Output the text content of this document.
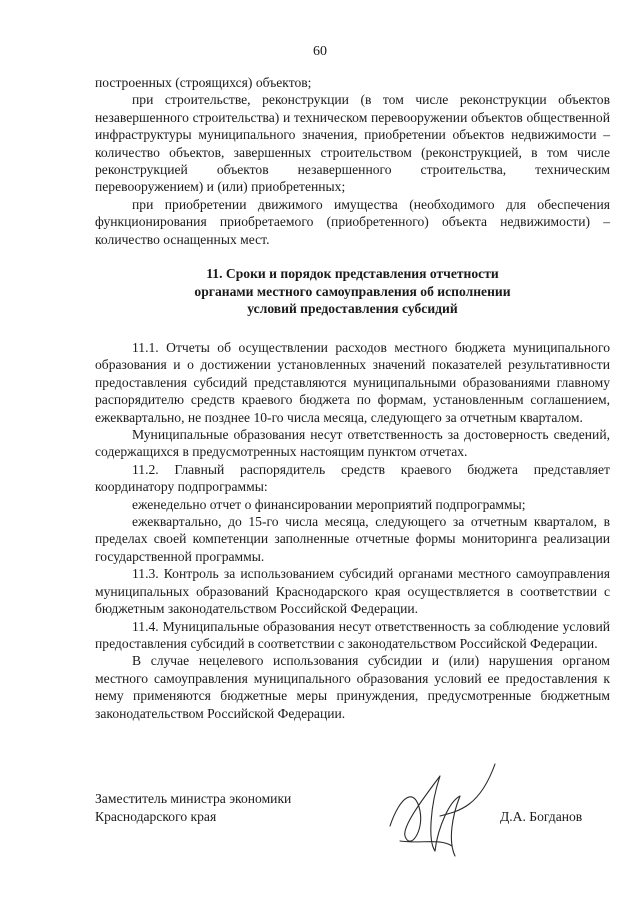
60

построенных (строящихся) объектов;

при строительстве, реконструкции (в том числе реконструкции объектов незавершенного строительства) и техническом перевооружении объектов общественной инфраструктуры муниципального значения, приобретении объектов недвижимости – количество объектов, завершенных строительством (реконструкцией, в том числе реконструкцией объектов незавершенного строительства, техническим перевооружением) и (или) приобретенных;

при приобретении движимого имущества (необходимого для обеспечения функционирования приобретаемого (приобретенного) объекта недвижимости) – количество оснащенных мест.

11. Сроки и порядок представления отчетности
органами местного самоуправления об исполнении
условий предоставления субсидий

11.1. Отчеты об осуществлении расходов местного бюджета муниципального образования и о достижении установленных значений показателей результативности предоставления субсидий представляются муниципальными образованиями главному распорядителю средств краевого бюджета по формам, установленным соглашением, ежеквартально, не позднее 10-го числа месяца, следующего за отчетным кварталом.

Муниципальные образования несут ответственность за достоверность сведений, содержащихся в предусмотренных настоящим пунктом отчетах.

11.2. Главный распорядитель средств краевого бюджета представляет координатору подпрограммы:

еженедельно отчет о финансировании мероприятий подпрограммы;

ежеквартально, до 15-го числа месяца, следующего за отчетным кварталом, в пределах своей компетенции заполненные отчетные формы мониторинга реализации государственной программы.

11.3. Контроль за использованием субсидий органами местного самоуправления муниципальных образований Краснодарского края осуществляется в соответствии с бюджетным законодательством Российской Федерации.

11.4. Муниципальные образования несут ответственность за соблюдение условий предоставления субсидий в соответствии с законодательством Российской Федерации.

В случае нецелевого использования субсидии и (или) нарушения органом местного самоуправления муниципального образования условий ее предоставления к нему применяются бюджетные меры принуждения, предусмотренные бюджетным законодательством Российской Федерации.

Заместитель министра экономики
Краснодарского края	Д.А. Богданов
